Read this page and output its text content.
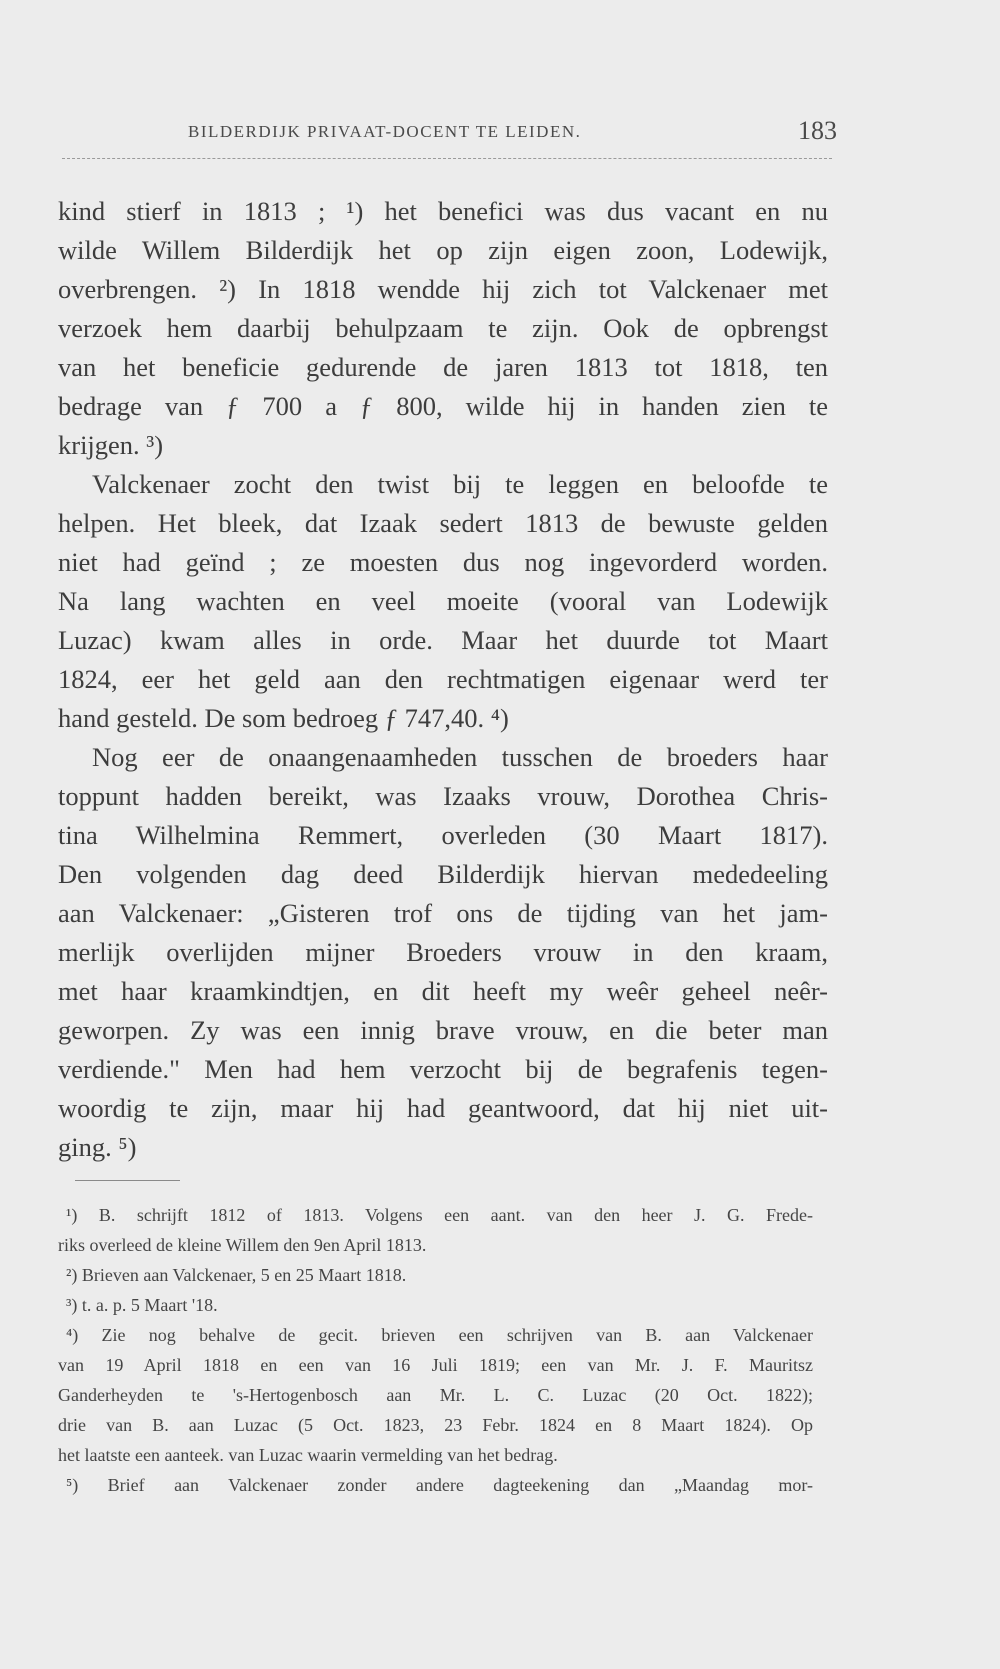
BILDERDIJK PRIVAAT-DOCENT TE LEIDEN.	183
kind stierf in 1813 ; ¹) het benefici was dus vacant en nu
wilde Willem Bilderdijk het op zijn eigen zoon, Lodewijk,
overbrengen. ²) In 1818 wendde hij zich tot Valckenaer met
verzoek hem daarbij behulpzaam te zijn. Ook de opbrengst
van het beneficie gedurende de jaren 1813 tot 1818, ten
bedrage van ƒ 700 a ƒ 800, wilde hij in handen zien te
krijgen. ³)
Valckenaer zocht den twist bij te leggen en beloofde te
helpen. Het bleek, dat Izaak sedert 1813 de bewuste gelden
niet had geïnd ; ze moesten dus nog ingevorderd worden.
Na lang wachten en veel moeite (vooral van Lodewijk
Luzac) kwam alles in orde. Maar het duurde tot Maart
1824, eer het geld aan den rechtmatigen eigenaar werd ter
hand gesteld. De som bedroeg ƒ 747,40. ⁴)
Nog eer de onaangenaamheden tusschen de broeders haar
toppunt hadden bereikt, was Izaaks vrouw, Dorothea Chris-
tina Wilhelmina Remmert, overleden (30 Maart 1817).
Den volgenden dag deed Bilderdijk hiervan mededeeling
aan Valckenaer: „Gisteren trof ons de tijding van het jam-
merlijk overlijden mijner Broeders vrouw in den kraam,
met haar kraamkindtjen, en dit heeft my weêr geheel neêr-
geworpen. Zy was een innig brave vrouw, en die beter man
verdiende." Men had hem verzocht bij de begrafenis tegen-
woordig te zijn, maar hij had geantwoord, dat hij niet uit-
ging. ⁵)
¹) B. schrijft 1812 of 1813. Volgens een aant. van den heer J. G. Frede-
riks overleed de kleine Willem den 9en April 1813.
²) Brieven aan Valckenaer, 5 en 25 Maart 1818.
³) t. a. p. 5 Maart '18.
⁴) Zie nog behalve de gecit. brieven een schrijven van B. aan Valckenaer
van 19 April 1818 en een van 16 Juli 1819; een van Mr. J. F. Mauritsz
Ganderheyden te 's-Hertogenbosch aan Mr. L. C. Luzac (20 Oct. 1822);
drie van B. aan Luzac (5 Oct. 1823, 23 Febr. 1824 en 8 Maart 1824). Op
het laatste een aanteek. van Luzac waarin vermelding van het bedrag.
⁵) Brief aan Valckenaer zonder andere dagteekening dan „Maandag mor-
